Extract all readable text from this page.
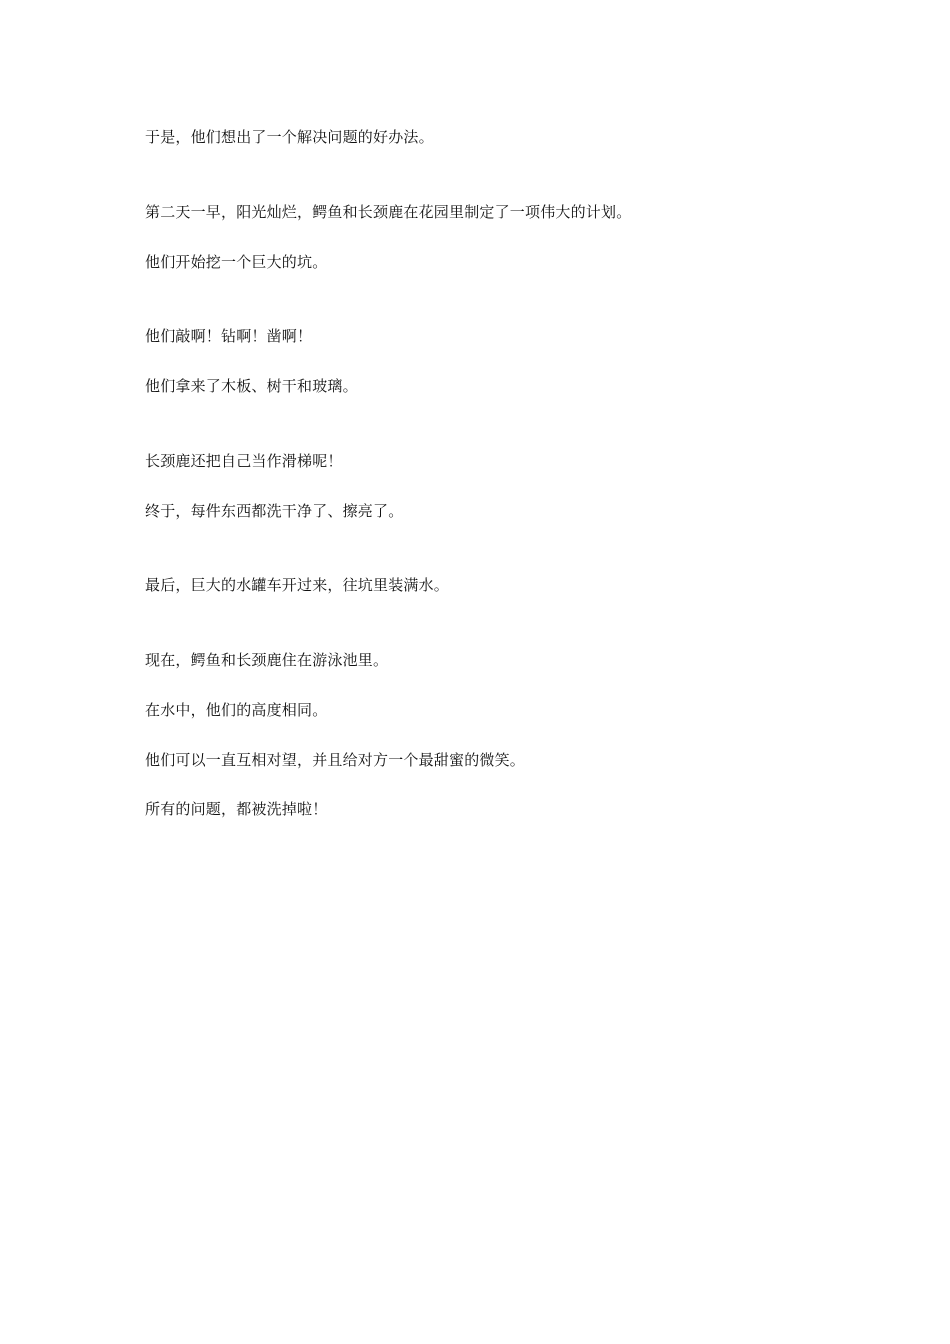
于是，他们想出了一个解决问题的好办法。

第二天一早，阳光灿烂，鳄鱼和长颈鹿在花园里制定了一项伟大的计划。

他们开始挖一个巨大的坑。

他们敲啊！钻啊！凿啊！

他们拿来了木板、树干和玻璃。

长颈鹿还把自己当作滑梯呢！

终于，每件东西都洗干净了、擦亮了。

最后，巨大的水罐车开过来，往坑里装满水。

现在，鳄鱼和长颈鹿住在游泳池里。

在水中，他们的高度相同。

他们可以一直互相对望，并且给对方一个最甜蜜的微笑。

所有的问题，都被洗掉啦！
